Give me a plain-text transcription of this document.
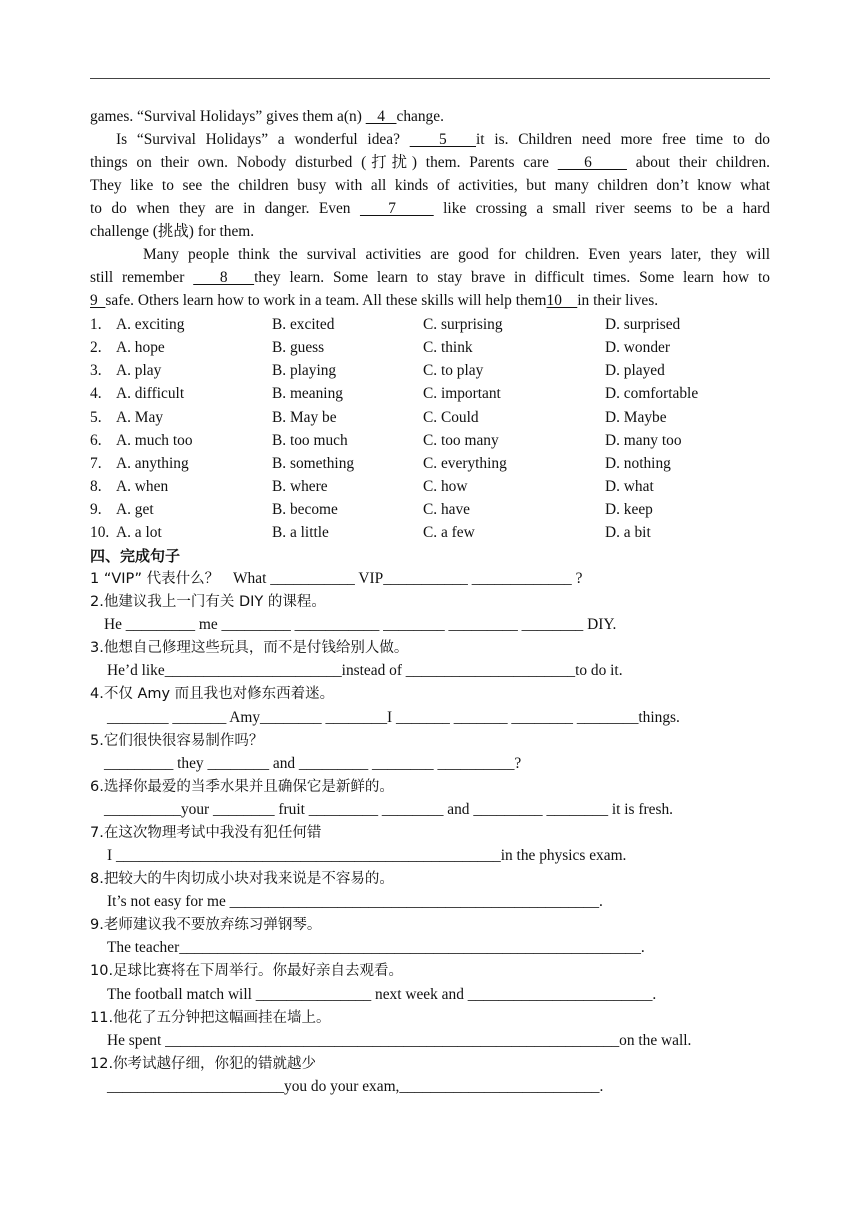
games. “Survival Holidays” gives them a(n)    4   change.
Is “Survival Holidays” a wonderful idea?    5   it is. Children need more free time to do
things on their own. Nobody disturbed (打扰) them. Parents care    6     about their children.
They like to see the children busy with all kinds of activities, but many children don’t know what
to do when they are in danger. Even    7     like crossing a small river seems to be a hard
challenge (挑战) for them.
Many people think the survival activities are good for children. Even years later, they will
still remember    8   they learn. Some learn to stay brave in difficult times. Some learn how to
9  safe. Others learn how to work in a team. All these skills will help them10    in their lives.
1. A. exciting	B. excited	C. surprising	D. surprised
2. A. hope	B. guess	C. think	D. wonder
3. A. play	B. playing	C. to play	D. played
4. A. difficult	B. meaning	C. important	D. comfortable
5. A. May	B. May be	C. Could	D. Maybe
6. A. much too	B. too much	C. too many	D. many too
7. A. anything	B. something	C. everything	D. nothing
8. A. when	B. where	C. how	D. what
9. A. get	B. become	C. have	D. keep
10. A. a lot	B. a little	C. a few	D. a bit
四、完成句子
1 “VIP” 代表什么？ What ___________ VIP___________ _____________ ?
2.他建议我上一门有关 DIY 的课程。
He _________ me _________ ___________ ________ _________ ________ DIY.
3.他想自己修理这些玩具，而不是付钱给别人做。
He’d like_______________________instead of ______________________to do it.
4.不仅 Amy 而且我也对修东西着迷。
________ _______ Amy________ ________I _______ _______ ________ ________things.
5.它们很快很容易制作吗？
_________ they ________ and _________ ________ __________?
6.选择你最爱的当季水果并且确保它是新鲜的。
__________your ________ fruit _________ ________ and _________ ________ it is fresh.
7.在这次物理考试中我没有犯任何错
I __________________________________________________in the physics exam.
8.把较大的牛肉切成小块对我来说是不容易的。
It’s not easy for me ________________________________________________.
9.老师建议我不要放弃练习弹钢琴。
The teacher____________________________________________________________.
10.足球比赛将在下周举行。你最好亲自去观看。
The football match will _______________ next week and ________________________.
11.他花了五分钟把这幅画挂在墙上。
He spent ___________________________________________________________on the wall.
12.你考试越仔细，你犯的错就越少
_______________________you do your exam,__________________________.
